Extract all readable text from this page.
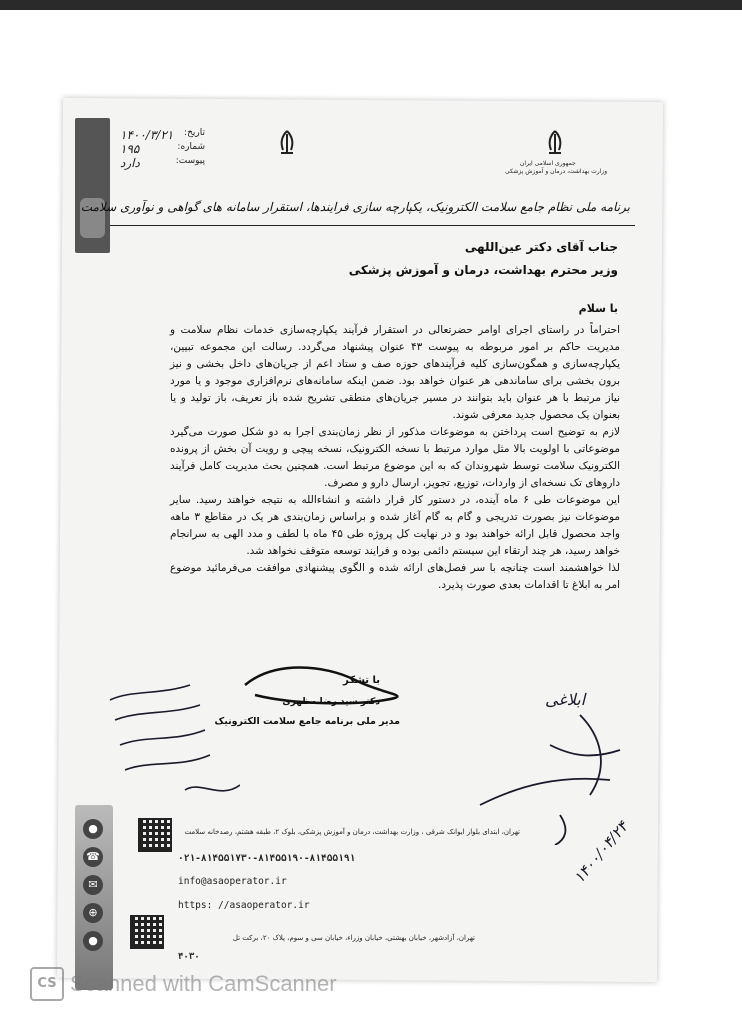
جمهوری اسلامی ایران
وزارت بهداشت، درمان و آموزش پزشکی
تاریخ:
۱۴۰۰/۳/۲۱
شماره:
۱۹۵
پیوست:
دارد
برنامه ملی نظام جامع سلامت الکترونیک، یکپارچه سازی فرایندها، استقرار سامانه های گواهی و نوآوری سلامت
جناب آقای دکتر عین‌اللهی
وزیر محترم بهداشت، درمان و آموزش پزشکی
با سلام

احتراماً در راستای اجرای اوامر حضرتعالی در استقرار فرآیند یکپارچه‌سازی خدمات نظام سلامت و مدیریت حاکم بر امور مربوطه به پیوست ۴۳ عنوان پیشنهاد می‌گردد. رسالت این مجموعه تبیین، یکپارچه‌سازی و همگون‌سازی کلیه فرآیندهای حوزه صف و ستاد اعم از جریان‌های داخل بخشی و نیز برون بخشی برای ساماندهی هر عنوان خواهد بود. ضمن اینکه سامانه‌های نرم‌افزاری موجود و یا مورد نیاز مرتبط با هر عنوان باید بتوانند در مسیر جریان‌های منطقی تشریح شده باز تعریف، باز تولید و یا بعنوان یک محصول جدید معرفی شوند.

لازم به توضیح است پرداختن به موضوعات مذکور از نظر زمان‌بندی اجرا به دو شکل صورت می‌گیرد موضوعاتی با اولویت بالا مثل موارد مرتبط با نسخه الکترونیک، نسخه پیچی و رویت آن بخش از پرونده الکترونیک سلامت توسط شهروندان که به این موضوع مرتبط است. همچنین بحث مدیریت کامل فرآیند داروهای تک نسخه‌ای از واردات، توزیع، تجویز، ارسال دارو و مصرف.

این موضوعات طی ۶ ماه آینده، در دستور کار قرار داشته و انشاءالله به نتیجه خواهند رسید. سایر موضوعات نیز بصورت تدریجی و گام به گام آغاز شده و براساس زمان‌بندی هر یک در مقاطع ۳ ماهه واجد محصول قابل ارائه خواهند بود و در نهایت کل پروژه طی ۴۵ ماه با لطف و مدد الهی به سرانجام خواهد رسید، هر چند ارتقاء این سیستم دائمی بوده و فرایند توسعه متوقف نخواهد شد.

لذا خواهشمند است چنانچه با سر فصل‌های ارائه شده و الگوی پیشنهادی موافقت می‌فرمائید موضوع امر به ابلاغ تا اقدامات بعدی صورت پذیرد.

با تشکر
دکتر سید رضا مظهری
مدیر ملی برنامه جامع سلامت الکترونیک
ابلاغی
۱۴۰۰/۰۴/۲۴
●
☎
✉
⊕
●
تهران، ابتدای بلوار ایوانک شرقی ، وزارت بهداشت، درمان و آموزش پزشکی، بلوک ۲، طبقه هشتم، رصدخانه سلامت
۰۲۱-۸۱۴۵۵۱۷۳۰-۸۱۴۵۵۱۹۰-۸۱۴۵۵۱۹۱
info@asaoperator.ir
https: //asaoperator.ir
تهران، آزادشهر، خیابان بهشتی، خیابان وزراء، خیابان سی و سوم، پلاک ۲۰، برکت تل
۴۰۳۰
CS Scanned with CamScanner
